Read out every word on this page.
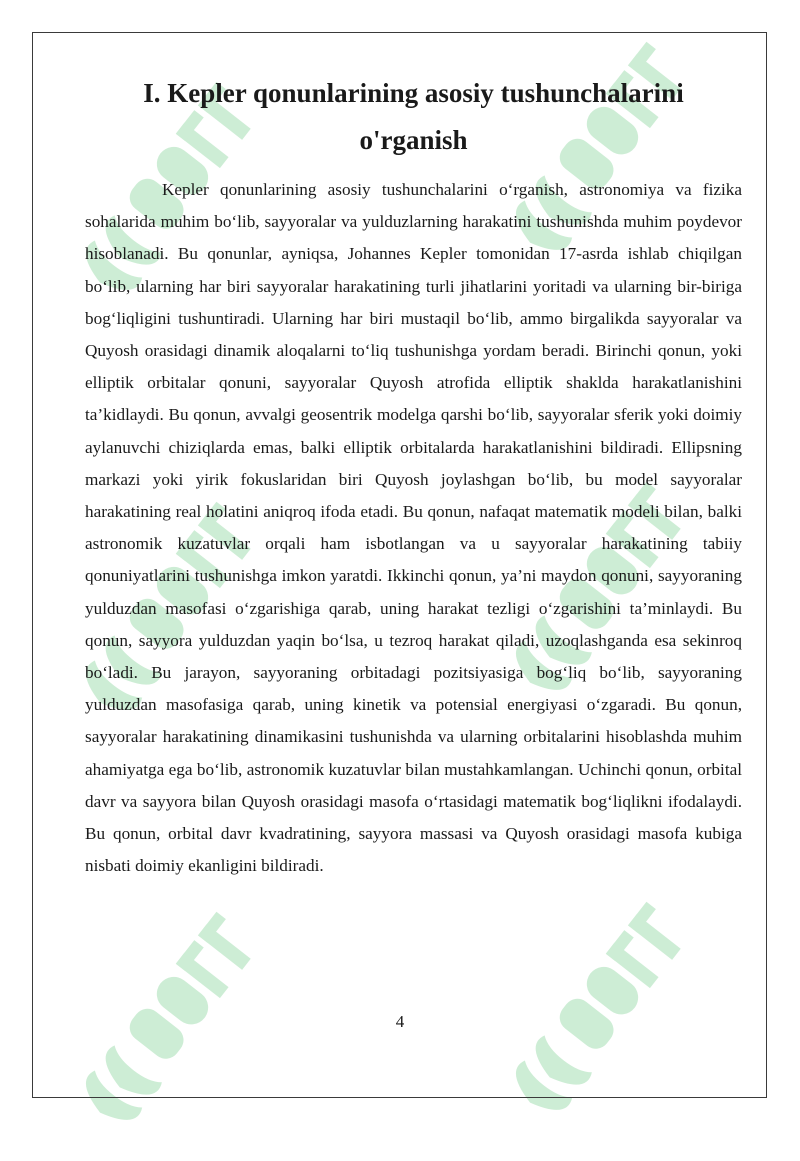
I. Kepler qonunlarining asosiy tushunchalarini o'rganish

Kepler qonunlarining asosiy tushunchalarini o‘rganish, astronomiya va fizika sohalarida muhim bo‘lib, sayyoralar va yulduzlarning harakatini tushunishda muhim poydevor hisoblanadi. Bu qonunlar, ayniqsa, Johannes Kepler tomonidan 17-asrda ishlab chiqilgan bo‘lib, ularning har biri sayyoralar harakatining turli jihatlarini yoritadi va ularning bir-biriga bog‘liqligini tushuntiradi. Ularning har biri mustaqil bo‘lib, ammo birgalikda sayyoralar va Quyosh orasidagi dinamik aloqalarni to‘liq tushunishga yordam beradi. Birinchi qonun, yoki elliptik orbitalar qonuni, sayyoralar Quyosh atrofida elliptik shaklda harakatlanishini ta’kidlaydi. Bu qonun, avvalgi geosentrik modelga qarshi bo‘lib, sayyoralar sferik yoki doimiy aylanuvchi chiziqlarda emas, balki elliptik orbitalarda harakatlanishini bildiradi. Ellipsning markazi yoki yirik fokuslaridan biri Quyosh joylashgan bo‘lib, bu model sayyoralar harakatining real holatini aniqroq ifoda etadi. Bu qonun, nafaqat matematik modeli bilan, balki astronomik kuzatuvlar orqali ham isbotlangan va u sayyoralar harakatining tabiiy qonuniyatlarini tushunishga imkon yaratdi. Ikkinchi qonun, ya’ni maydon qonuni, sayyoraning yulduzdan masofasi o‘zgarishiga qarab, uning harakat tezligi o‘zgarishini ta’minlaydi. Bu qonun, sayyora yulduzdan yaqin bo‘lsa, u tezroq harakat qiladi, uzoqlashganda esa sekinroq bo‘ladi. Bu jarayon, sayyoraning orbitadagi pozitsiyasiga bog‘liq bo‘lib, sayyoraning yulduzdan masofasiga qarab, uning kinetik va potensial energiyasi o‘zgaradi. Bu qonun, sayyoralar harakatining dinamikasini tushunishda va ularning orbitalarini hisoblashda muhim ahamiyatga ega bo‘lib, astronomik kuzatuvlar bilan mustahkamlangan. Uchinchi qonun, orbital davr va sayyora bilan Quyosh orasidagi masofa o‘rtasidagi matematik bog‘liqlikni ifodalaydi. Bu qonun, orbital davr kvadratining, sayyora massasi va Quyosh orasidagi masofa kubiga nisbati doimiy ekanligini bildiradi.

4
